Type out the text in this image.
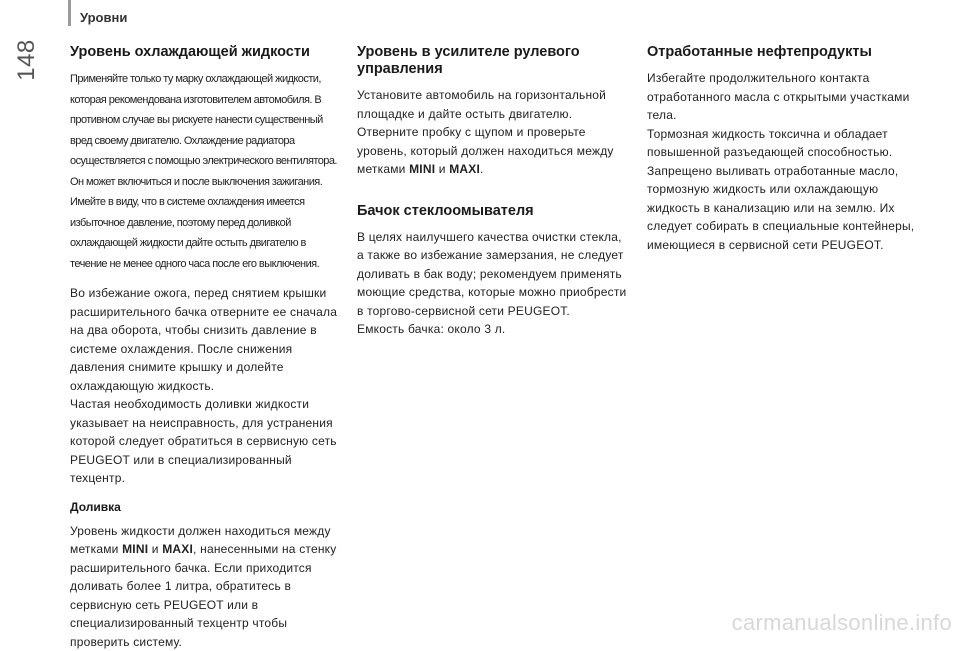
Уровни
148 Уровень охлаждающей жидкости
Применяйте только ту марку охлаждающей жидкости, которая рекомендована изготовителем автомобиля. В противном случае вы рискуете нанести существенный вред своему двигателю. Охлаждение радиатора осуществляется с помощью электрического вентилятора. Он может включиться и после выключения зажигания. Имейте в виду, что в системе охлаждения имеется избыточное давление, поэтому перед доливкой охлаждающей жидкости дайте остыть двигателю в течение не менее одного часа после его выключения.

Во избежание ожога, перед снятием крышки расширительного бачка отверните ее сначала на два оборота, чтобы снизить давление в системе охлаждения. После снижения давления снимите крышку и долейте охлаждающую жидкость.

Частая необходимость доливки жидкости указывает на неисправность, для устранения которой следует обратиться в сервисную сеть PEUGEOT или в специализированный техцентр.

Доливка

Уровень жидкости должен находиться между метками MINI и MAXI, нанесенными на стенку расширительного бачка. Если приходится доливать более 1 литра, обратитесь в сервисную сеть PEUGEOT или в специализированный техцентр чтобы проверить систему.

Уровень в усилителе рулевого управления

Установите автомобиль на горизонтальной площадке и дайте остыть двигателю. Отверните пробку с щупом и проверьте уровень, который должен находиться между метками MINI и MAXI.

Бачок стеклоомывателя

В целях наилучшего качества очистки стекла, а также во избежание замерзания, не следует доливать в бак воду; рекомендуем применять моющие средства, которые можно приобрести в торгово-сервисной сети PEUGEOT.

Емкость бачка: около 3 л.

Отработанные нефтепродукты

Избегайте продолжительного контакта отработанного масла с открытыми участками тела.

Тормозная жидкость токсична и обладает повышенной разъедающей способностью.

Запрещено выливать отработанные масло, тормозную жидкость или охлаждающую жидкость в канализацию или на землю. Их следует собирать в специальные контейнеры, имеющиеся в сервисной сети PEUGEOT.

carmanualsonline.info
